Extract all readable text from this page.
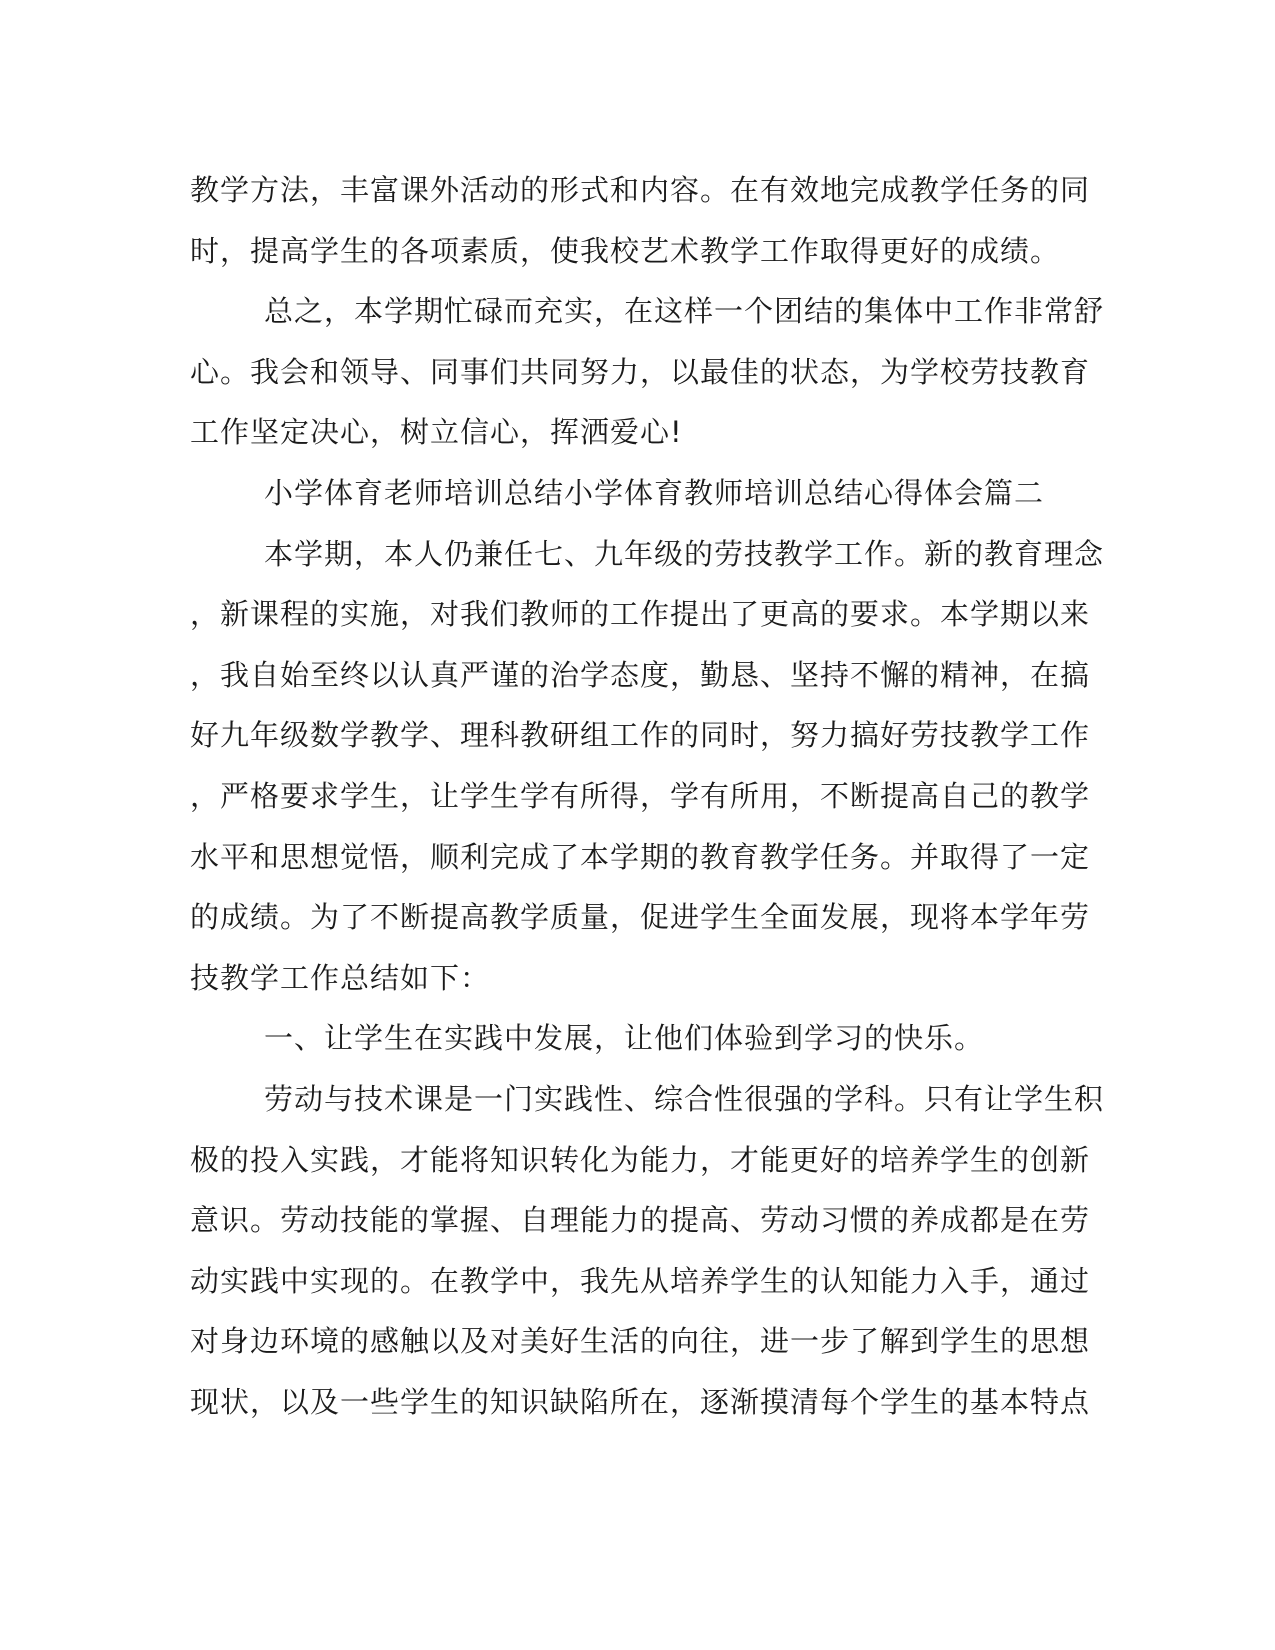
教学方法，丰富课外活动的形式和内容。在有效地完成教学任务的同
时，提高学生的各项素质，使我校艺术教学工作取得更好的成绩。
总之，本学期忙碌而充实，在这样一个团结的集体中工作非常舒
心。我会和领导、同事们共同努力，以最佳的状态，为学校劳技教育
工作坚定决心，树立信心，挥洒爱心!
小学体育老师培训总结小学体育教师培训总结心得体会篇二
本学期，本人仍兼任七、九年级的劳技教学工作。新的教育理念
，新课程的实施，对我们教师的工作提出了更高的要求。本学期以来
，我自始至终以认真严谨的治学态度，勤恳、坚持不懈的精神，在搞
好九年级数学教学、理科教研组工作的同时，努力搞好劳技教学工作
，严格要求学生，让学生学有所得，学有所用，不断提高自己的教学
水平和思想觉悟，顺利完成了本学期的教育教学任务。并取得了一定
的成绩。为了不断提高教学质量，促进学生全面发展，现将本学年劳
技教学工作总结如下：
一、让学生在实践中发展，让他们体验到学习的快乐。
劳动与技术课是一门实践性、综合性很强的学科。只有让学生积
极的投入实践，才能将知识转化为能力，才能更好的培养学生的创新
意识。劳动技能的掌握、自理能力的提高、劳动习惯的养成都是在劳
动实践中实现的。在教学中，我先从培养学生的认知能力入手，通过
对身边环境的感触以及对美好生活的向往，进一步了解到学生的思想
现状，以及一些学生的知识缺陷所在，逐渐摸清每个学生的基本特点
